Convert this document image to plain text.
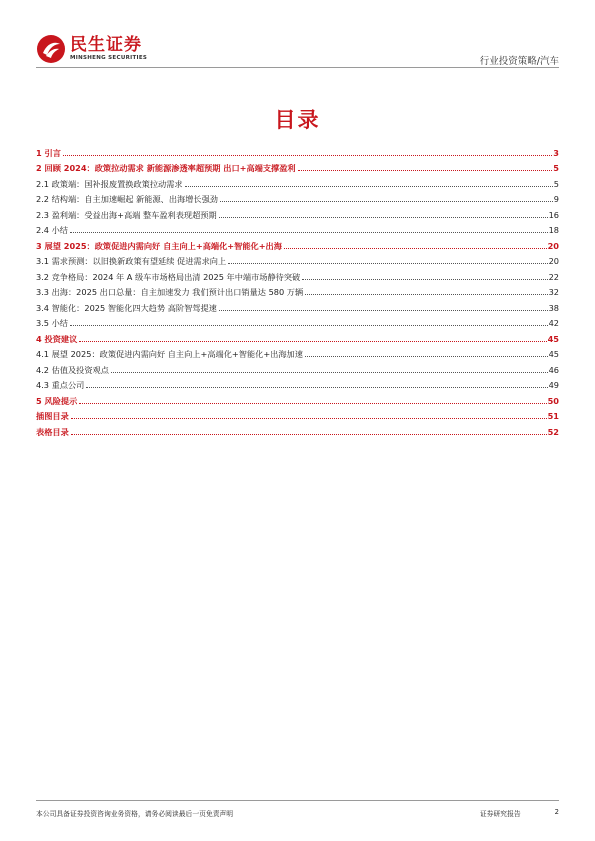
民生证券
MINSHENG SECURITIES	行业投资策略/汽车
目录
1 引言	3
2 回顾 2024：政策拉动需求 新能源渗透率超预期 出口+高端支撑盈利	5
2.1 政策端：国补报废置换政策拉动需求	5
2.2 结构端：自主加速崛起 新能源、出海增长强劲	9
2.3 盈利端：受益出海+高端 整车盈利表现超预期	16
2.4 小结	18
3 展望 2025：政策促进内需向好 自主向上+高端化+智能化+出海	20
3.1 需求预测：以旧换新政策有望延续 促进需求向上	20
3.2 竞争格局：2024 年 A 级车市场格局出清 2025 年中端市场静待突破	22
3.3 出海：2025 出口总量：自主加速发力 我们预计出口销量达 580 万辆	32
3.4 智能化：2025 智能化四大趋势 高阶智驾提速	38
3.5 小结	42
4 投资建议	45
4.1 展望 2025：政策促进内需向好 自主向上+高端化+智能化+出海加速	45
4.2 估值及投资观点	46
4.3 重点公司	49
5 风险提示	50
插图目录	51
表格目录	52
本公司具备证券投资咨询业务资格，请务必阅读最后一页免责声明	证券研究报告	2
